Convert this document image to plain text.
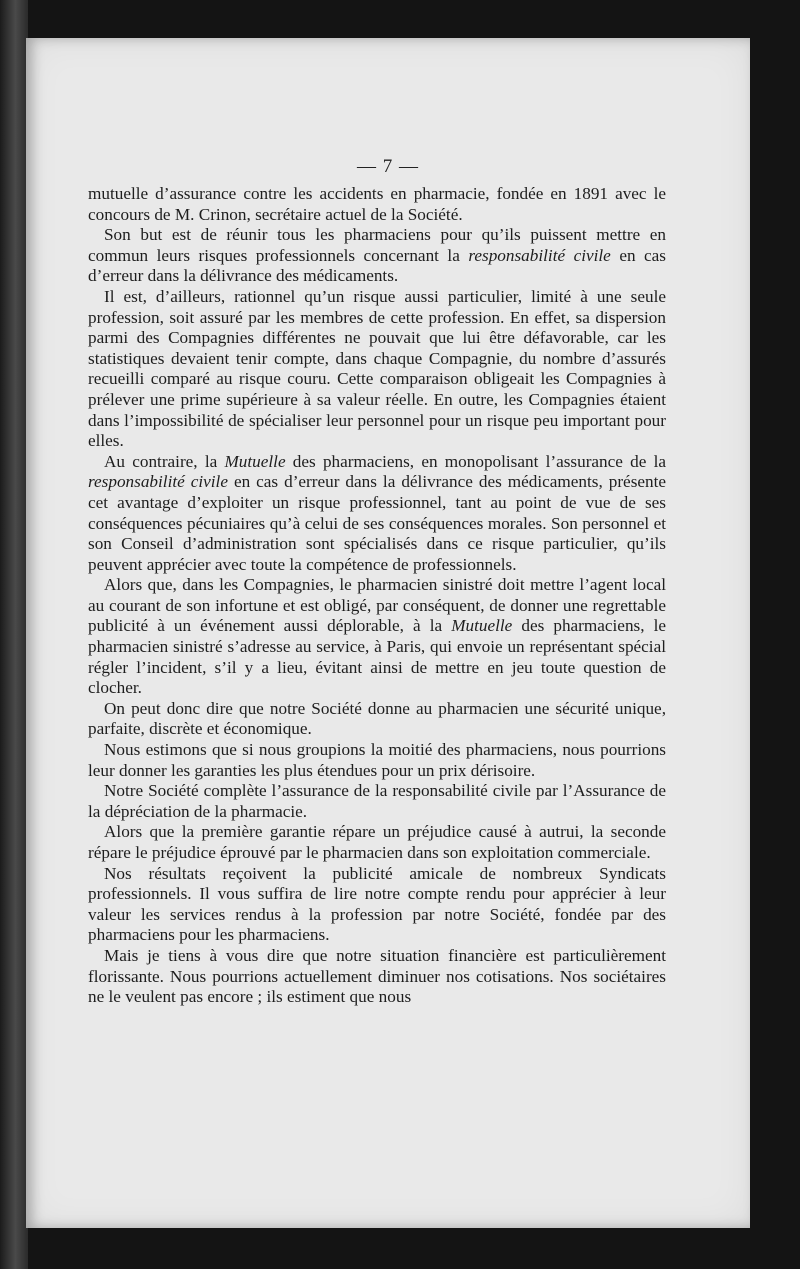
— 7 —

mutuelle d’assurance contre les accidents en pharmacie, fondée en 1891 avec le concours de M. Crinon, secrétaire actuel de la Société.

Son but est de réunir tous les pharmaciens pour qu’ils puissent mettre en commun leurs risques professionnels concernant la responsabilité civile en cas d’erreur dans la délivrance des médicaments.

Il est, d’ailleurs, rationnel qu’un risque aussi particulier, limité à une seule profession, soit assuré par les membres de cette profession. En effet, sa dispersion parmi des Compagnies différentes ne pouvait que lui être défavorable, car les statistiques devaient tenir compte, dans chaque Compagnie, du nombre d’assurés recueilli comparé au risque couru. Cette comparaison obligeait les Compagnies à prélever une prime supérieure à sa valeur réelle. En outre, les Compagnies étaient dans l’impossibilité de spécialiser leur personnel pour un risque peu important pour elles.

Au contraire, la Mutuelle des pharmaciens, en monopolisant l’assurance de la responsabilité civile en cas d’erreur dans la délivrance des médicaments, présente cet avantage d’exploiter un risque professionnel, tant au point de vue de ses conséquences pécuniaires qu’à celui de ses conséquences morales. Son personnel et son Conseil d’administration sont spécialisés dans ce risque particulier, qu’ils peuvent apprécier avec toute la compétence de professionnels.

Alors que, dans les Compagnies, le pharmacien sinistré doit mettre l’agent local au courant de son infortune et est obligé, par conséquent, de donner une regrettable publicité à un événement aussi déplorable, à la Mutuelle des pharmaciens, le pharmacien sinistré s’adresse au service, à Paris, qui envoie un représentant spécial régler l’incident, s’il y a lieu, évitant ainsi de mettre en jeu toute question de clocher.

On peut donc dire que notre Société donne au pharmacien une sécurité unique, parfaite, discrète et économique.

Nous estimons que si nous groupions la moitié des pharmaciens, nous pourrions leur donner les garanties les plus étendues pour un prix dérisoire.

Notre Société complète l’assurance de la responsabilité civile par l’Assurance de la dépréciation de la pharmacie.

Alors que la première garantie répare un préjudice causé à autrui, la seconde répare le préjudice éprouvé par le pharmacien dans son exploitation commerciale.

Nos résultats reçoivent la publicité amicale de nombreux Syndicats professionnels. Il vous suffira de lire notre compte rendu pour apprécier à leur valeur les services rendus à la profession par notre Société, fondée par des pharmaciens pour les pharmaciens.

Mais je tiens à vous dire que notre situation financière est particulièrement florissante. Nous pourrions actuellement diminuer nos cotisations. Nos sociétaires ne le veulent pas encore ; ils estiment que nous
